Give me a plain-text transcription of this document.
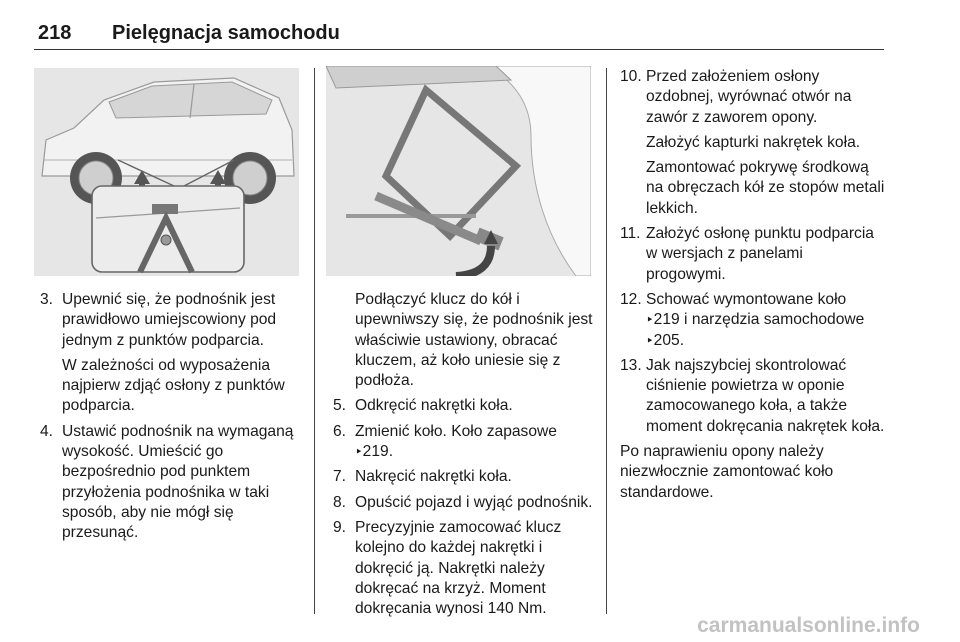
218 Pielęgnacja samochodu
3. Upewnić się, że podnośnik jest prawidłowo umiejscowiony pod jednym z punktów podparcia.
W zależności od wyposażenia najpierw zdjąć osłony z punktów podparcia.
4. Ustawić podnośnik na wymaganą wysokość. Umieścić go bezpośrednio pod punktem przyłożenia podnośnika w taki sposób, aby nie mógł się przesunąć.
Podłączyć klucz do kół i upewniwszy się, że podnośnik jest właściwie ustawiony, obracać kluczem, aż koło uniesie się z podłoża.
5. Odkręcić nakrętki koła.
6. Zmienić koło. Koło zapasowe
‣ 219.
7. Nakręcić nakrętki koła.
8. Opuścić pojazd i wyjąć podnośnik.
9. Precyzyjnie zamocować klucz kolejno do każdej nakrętki i dokręcić ją. Nakrętki należy dokręcać na krzyż. Moment dokręcania wynosi 140 Nm.
10. Przed założeniem osłony ozdobnej, wyrównać otwór na zawór z zaworem opony.
Założyć kapturki nakrętek koła.
Zamontować pokrywę środkową na obręczach kół ze stopów metali lekkich.
11. Założyć osłonę punktu podparcia w wersjach z panelami progowymi.
12. Schować wymontowane koło
‣ 219 i narzędzia samochodowe
‣ 205.
13. Jak najszybciej skontrolować ciśnienie powietrza w oponie zamocowanego koła, a także moment dokręcania nakrętek koła.
Po naprawieniu opony należy niezwłocznie zamontować koło standardowe.
carmanualsonline.info
